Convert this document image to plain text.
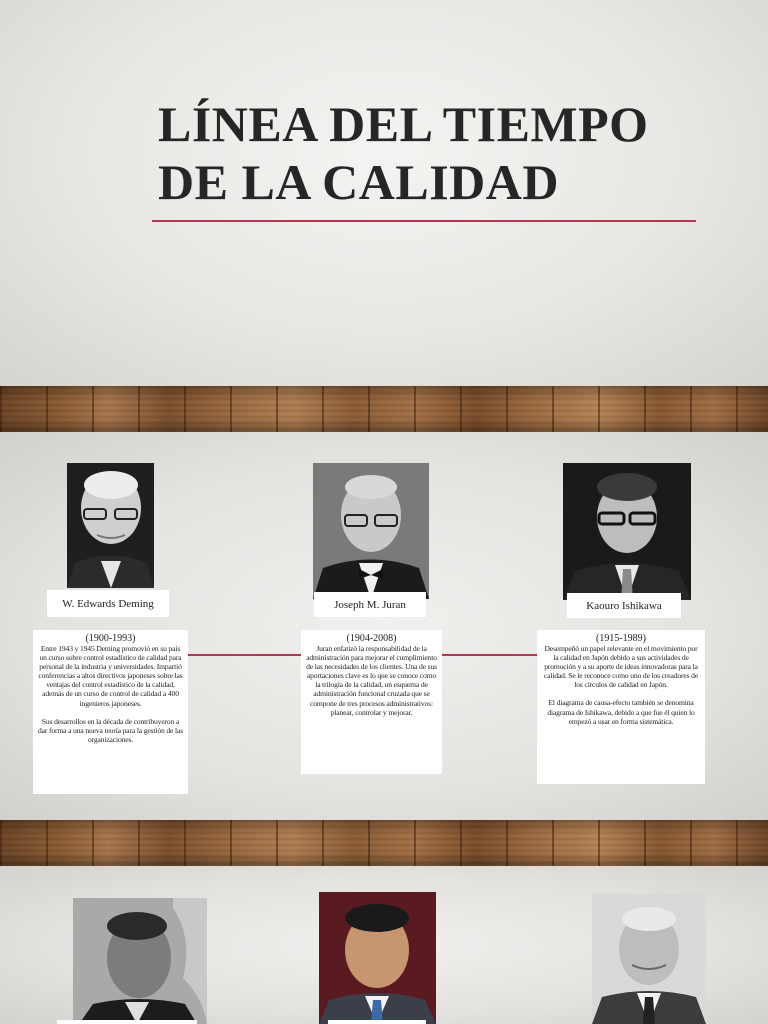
LÍNEA DEL TIEMPO
DE LA CALIDAD
W. Edwards Deming	Joseph M. Juran	Kaouro Ishikawa
(1900-1993)
Entre 1943 y 1945 Deming promovió en su país un curso sobre control estadístico de calidad para personal de la industria y universidades. Impartió conferencias a altos directivos japoneses sobre las ventajas del control estadístico de la calidad, además de un curso de control de calidad a 400 ingenieros japoneses.
Sus desarrollos en la década de contribuyeron a dar forma a una nueva teoría para la gestión de las organizaciones.
(1904-2008)
Juran enfatizó la responsabilidad de la administración para mejorar el cumplimiento de las necesidades de los clientes. Una de sus aportaciones clave es lo que se conoce como la trilogía de la calidad, un esquema de administración funcional cruzada que se compone de tres procesos administrativos: planear, controlar y mejorar.
(1915-1989)
Desempeñó un papel relevante en el movimiento por la calidad en Japón debido a sus actividades de promoción y a su aporte de ideas innovadoras para la calidad. Se le reconoce como uno de los creadores de los círculos de calidad en Japón.
El diagrama de causa-efecto también se denomina diagrama de Ishikawa, debido a que fue él quien lo empezó a usar en forma sistemática.
